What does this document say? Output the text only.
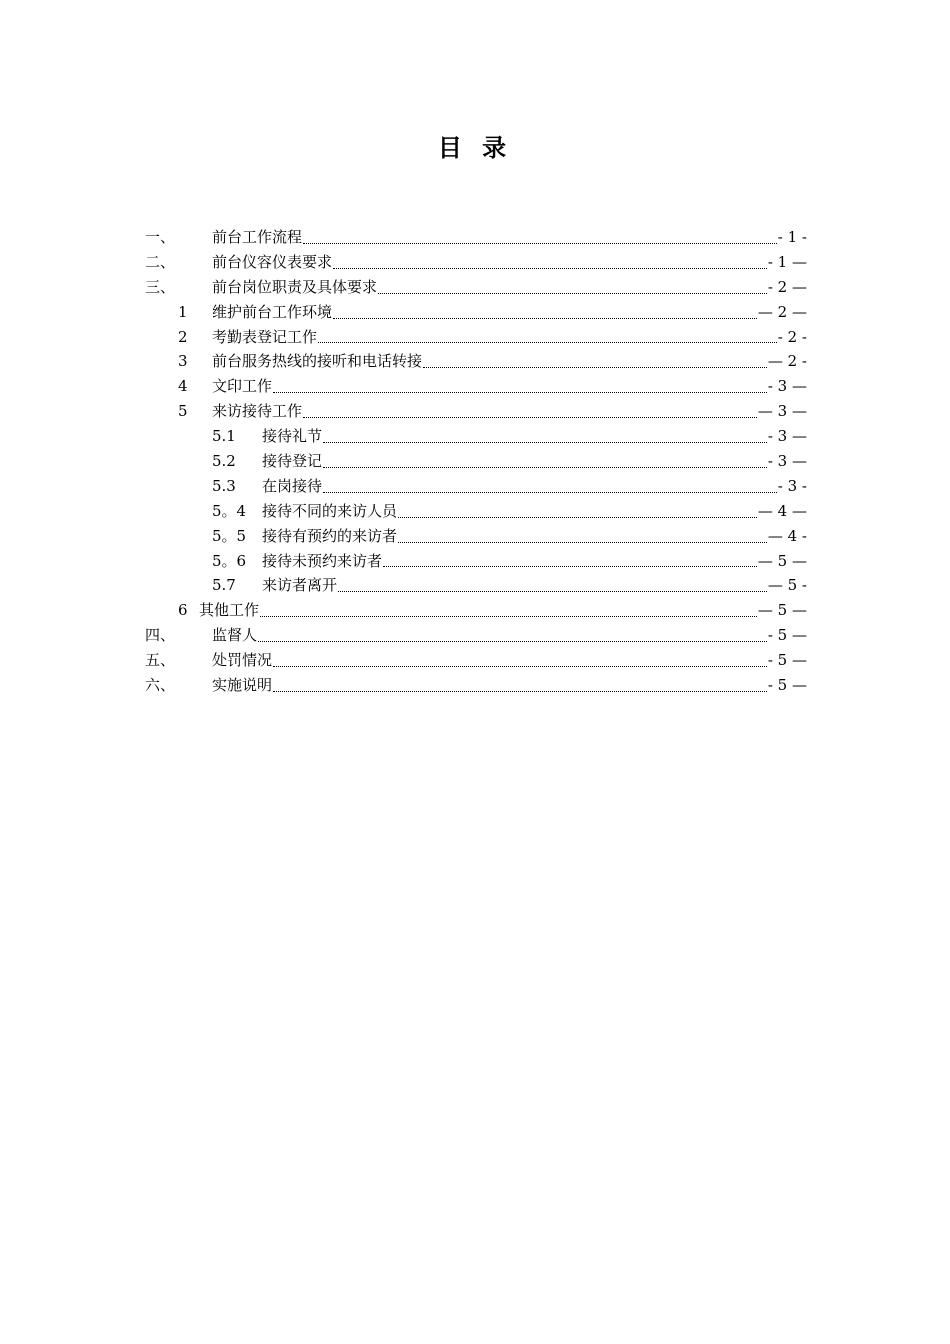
目 录
一、	前台工作流程	- 1 -
二、	前台仪容仪表要求	- 1 —
三、	前台岗位职责及具体要求	- 2 —
1	维护前台工作环境	— 2 —
2	考勤表登记工作	- 2 -
3	前台服务热线的接听和电话转接	— 2 -
4	文印工作	- 3 —
5	来访接待工作	— 3 —
5.1	接待礼节	- 3 —
5.2	接待登记	- 3 —
5.3	在岗接待	- 3 -
5。4	接待不同的来访人员	— 4 —
5。5	接待有预约的来访者	— 4 -
5。6	接待未预约来访者	— 5 —
5.7	来访者离开	— 5 -
6 其他工作	— 5 —
四、	监督人	- 5 —
五、	处罚情况	- 5 —
六、	实施说明	- 5 —
